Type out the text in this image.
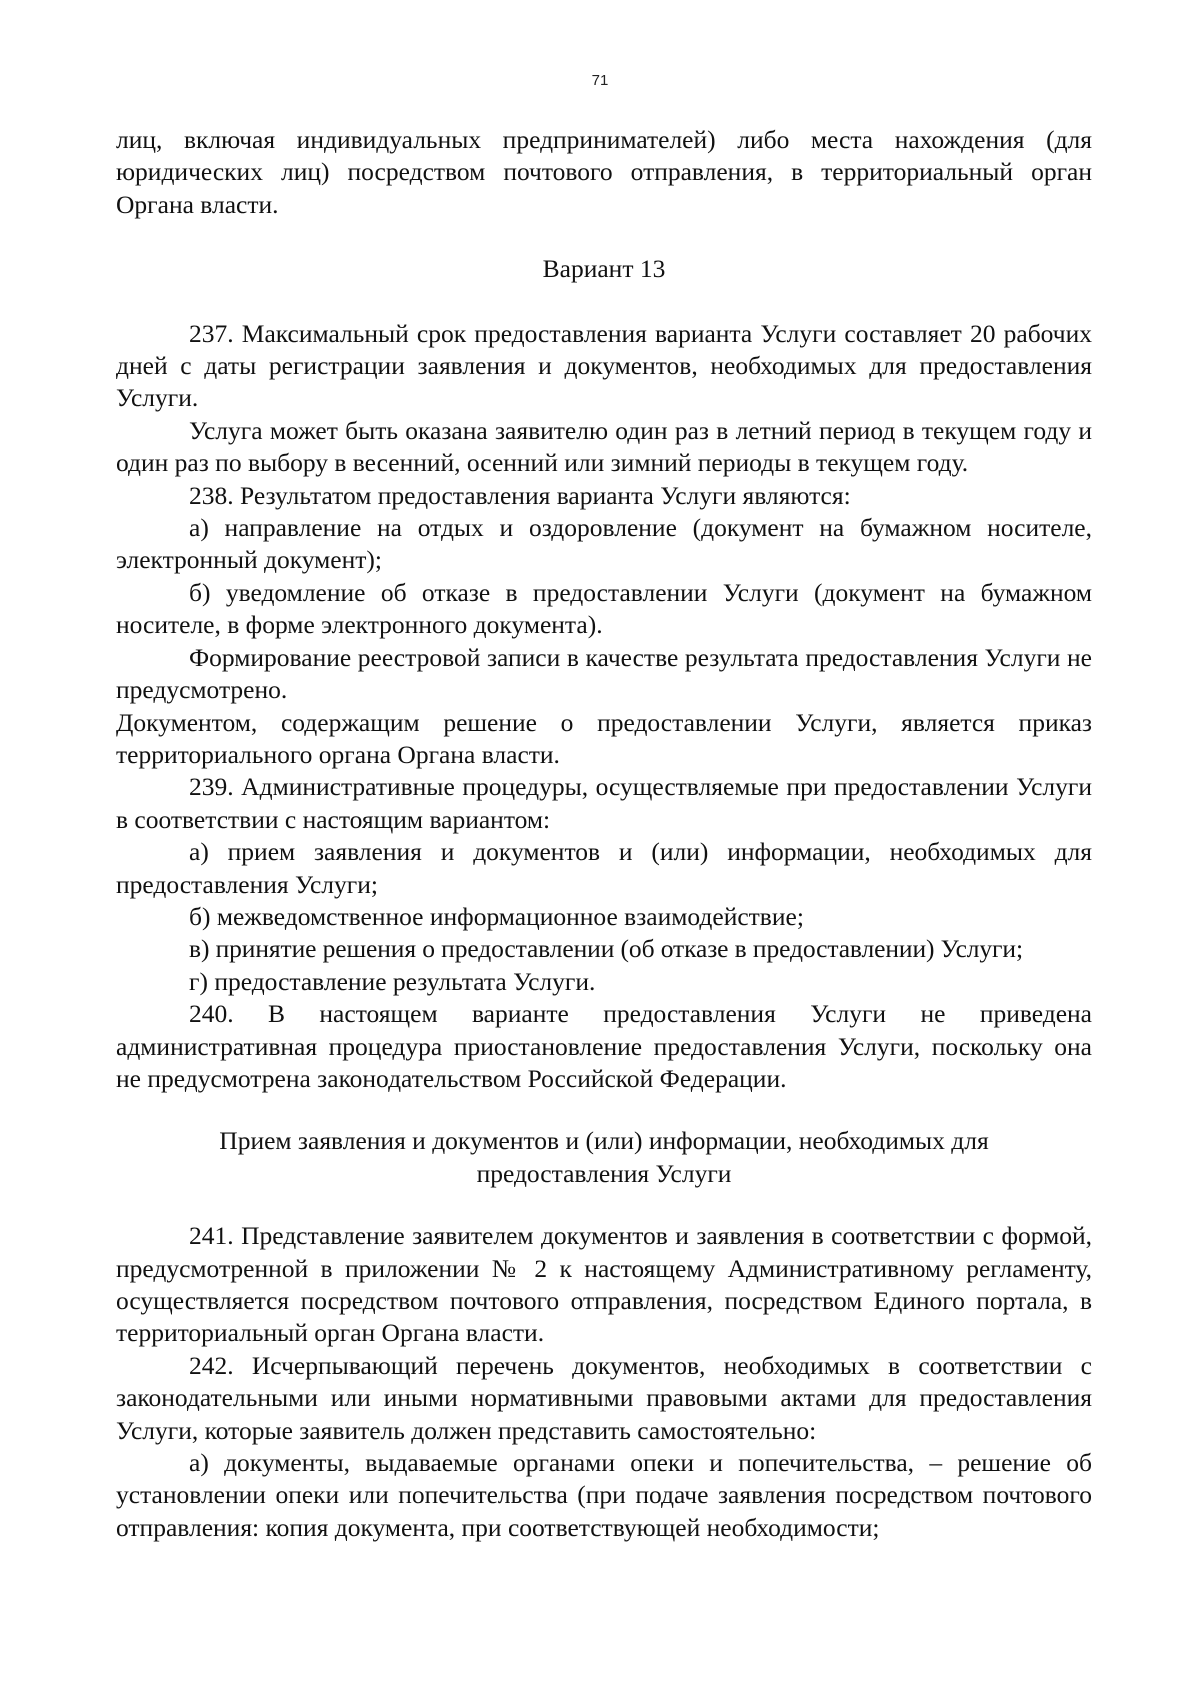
71

лиц, включая индивидуальных предпринимателей) либо места нахождения (для юридических лиц) посредством почтового отправления, в территориальный орган Органа власти.

Вариант 13

237. Максимальный срок предоставления варианта Услуги составляет 20 рабочих дней с даты регистрации заявления и документов, необходимых для предоставления Услуги.

Услуга может быть оказана заявителю один раз в летний период в текущем году и один раз по выбору в весенний, осенний или зимний периоды в текущем году.

238. Результатом предоставления варианта Услуги являются:

а) направление на отдых и оздоровление (документ на бумажном носителе, электронный документ);

б) уведомление об отказе в предоставлении Услуги (документ на бумажном носителе, в форме электронного документа).

Формирование реестровой записи в качестве результата предоставления Услуги не предусмотрено.

Документом, содержащим решение о предоставлении Услуги, является приказ территориального органа Органа власти.

239. Административные процедуры, осуществляемые при предоставлении Услуги в соответствии с настоящим вариантом:

а) прием заявления и документов и (или) информации, необходимых для предоставления Услуги;

б) межведомственное информационное взаимодействие;

в) принятие решения о предоставлении (об отказе в предоставлении) Услуги;

г) предоставление результата Услуги.

240. В настоящем варианте предоставления Услуги не приведена административная процедура приостановление предоставления Услуги, поскольку она не предусмотрена законодательством Российской Федерации.

Прием заявления и документов и (или) информации, необходимых для предоставления Услуги

241. Представление заявителем документов и заявления в соответствии с формой, предусмотренной в приложении № 2 к настоящему Административному регламенту, осуществляется посредством почтового отправления, посредством Единого портала, в территориальный орган Органа власти.

242. Исчерпывающий перечень документов, необходимых в соответствии с законодательными или иными нормативными правовыми актами для предоставления Услуги, которые заявитель должен представить самостоятельно:

а) документы, выдаваемые органами опеки и попечительства, – решение об установлении опеки или попечительства (при подаче заявления посредством почтового отправления: копия документа, при соответствующей необходимости;
